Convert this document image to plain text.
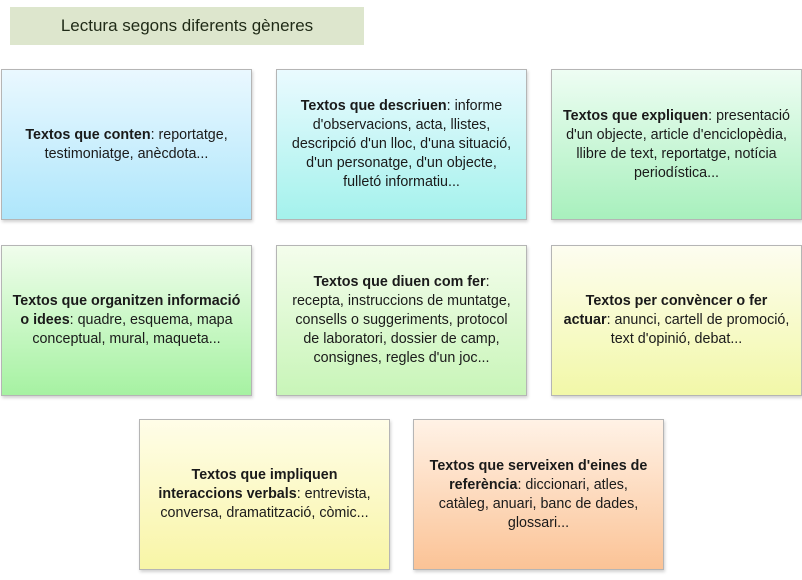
Lectura segons diferents gèneres
Textos que conten: reportatge, testimoniatge, anècdota...
Textos que descriuen: informe d'observacions, acta, llistes, descripció d'un lloc, d'una situació, d'un personatge, d'un objecte, fulletó informatiu...
Textos que expliquen: presentació d'un objecte, article d'enciclopèdia, llibre de text, reportatge, notícia periodística...
Textos que organitzen informació o idees: quadre, esquema, mapa conceptual, mural, maqueta...
Textos que diuen com fer: recepta, instruccions de muntatge, consells o suggeriments, protocol de laboratori, dossier de camp, consignes, regles d'un joc...
Textos per convèncer o fer actuar: anunci, cartell de promoció, text d'opinió, debat...
Textos que impliquen interaccions verbals: entrevista, conversa, dramatització, còmic...
Textos que serveixen d'eines de referència: diccionari, atles, catàleg, anuari, banc de dades, glossari...
